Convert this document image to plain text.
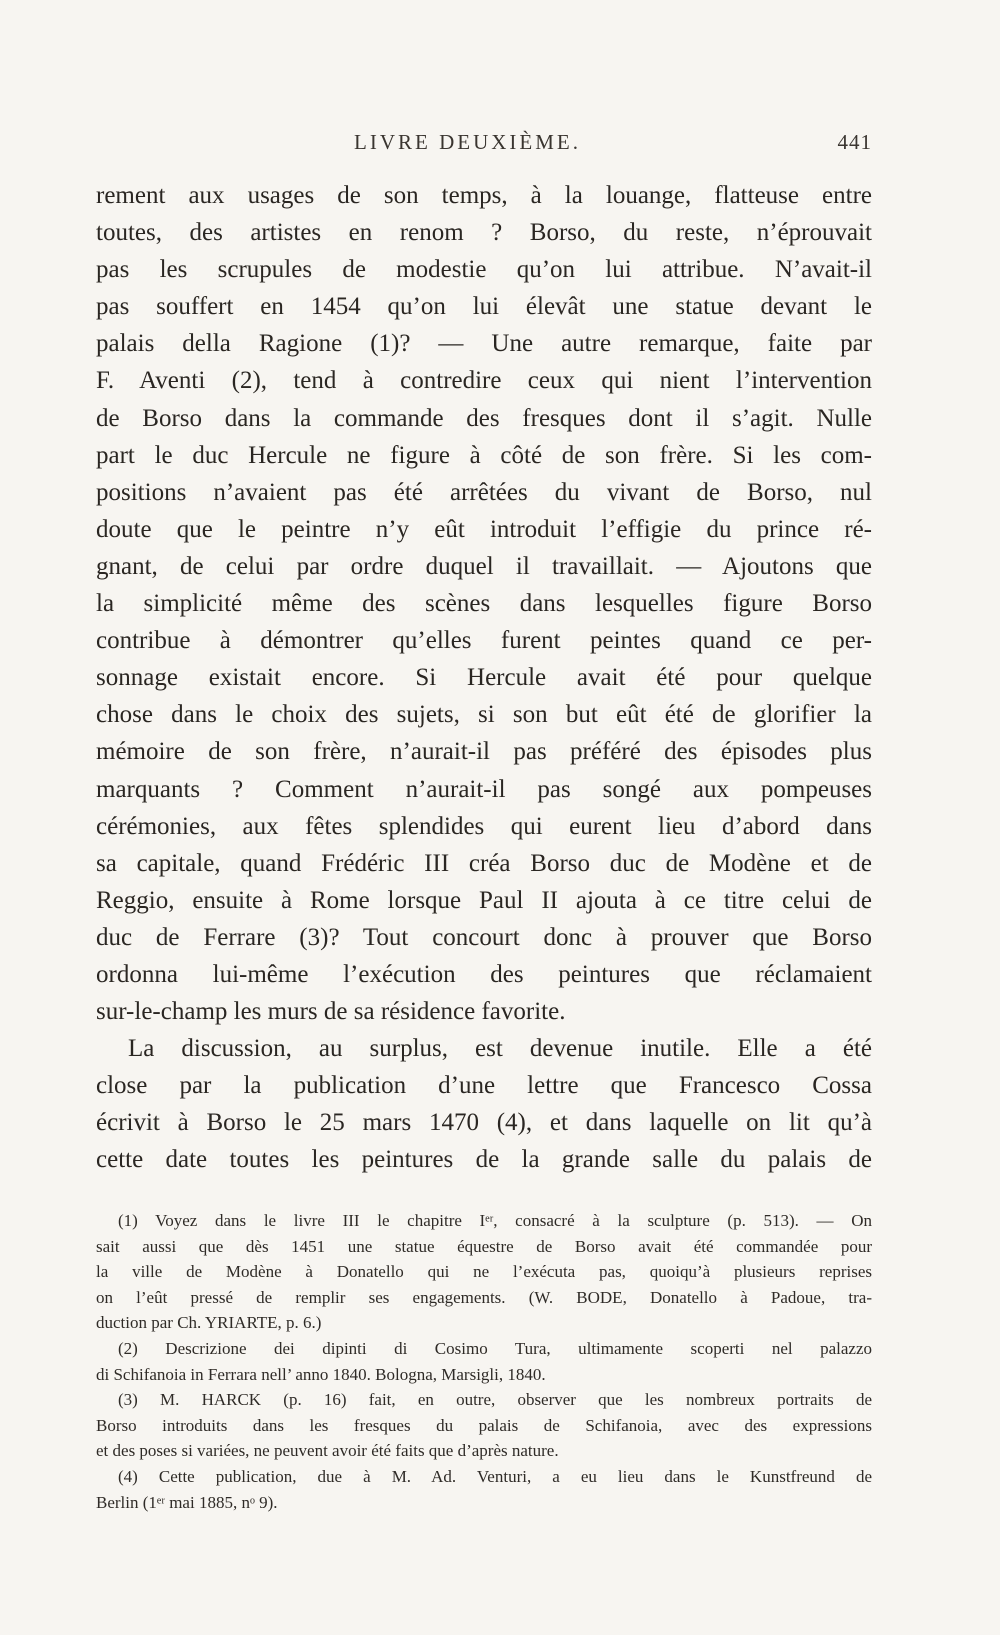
LIVRE DEUXIÈME.	441
rement aux usages de son temps, à la louange, flatteuse entre
toutes, des artistes en renom ? Borso, du reste, n’éprouvait
pas les scrupules de modestie qu’on lui attribue. N’avait-il
pas souffert en 1454 qu’on lui élevât une statue devant le
palais della Ragione (1)? — Une autre remarque, faite par
F. Aventi (2), tend à contredire ceux qui nient l’intervention
de Borso dans la commande des fresques dont il s’agit. Nulle
part le duc Hercule ne figure à côté de son frère. Si les com-
positions n’avaient pas été arrêtées du vivant de Borso, nul
doute que le peintre n’y eût introduit l’effigie du prince ré-
gnant, de celui par ordre duquel il travaillait. — Ajoutons que
la simplicité même des scènes dans lesquelles figure Borso
contribue à démontrer qu’elles furent peintes quand ce per-
sonnage existait encore. Si Hercule avait été pour quelque
chose dans le choix des sujets, si son but eût été de glorifier la
mémoire de son frère, n’aurait-il pas préféré des épisodes plus
marquants ? Comment n’aurait-il pas songé aux pompeuses
cérémonies, aux fêtes splendides qui eurent lieu d’abord dans
sa capitale, quand Frédéric III créa Borso duc de Modène et de
Reggio, ensuite à Rome lorsque Paul II ajouta à ce titre celui de
duc de Ferrare (3)? Tout concourt donc à prouver que Borso
ordonna lui-même l’exécution des peintures que réclamaient
sur-le-champ les murs de sa résidence favorite.
La discussion, au surplus, est devenue inutile. Elle a été
close par la publication d’une lettre que Francesco Cossa
écrivit à Borso le 25 mars 1470 (4), et dans laquelle on lit qu’à
cette date toutes les peintures de la grande salle du palais de
(1) Voyez dans le livre III le chapitre Iᵉʳ, consacré à la sculpture (p. 513). — On
sait aussi que dès 1451 une statue équestre de Borso avait été commandée pour
la ville de Modène à Donatello qui ne l’exécuta pas, quoiqu’à plusieurs reprises
on l’eût pressé de remplir ses engagements. (W. BODE, Donatello à Padoue, tra-
duction par Ch. YRIARTE, p. 6.)
(2) Descrizione dei dipinti di Cosimo Tura, ultimamente scoperti nel palazzo
di Schifanoia in Ferrara nell’ anno 1840. Bologna, Marsigli, 1840.
(3) M. HARCK (p. 16) fait, en outre, observer que les nombreux portraits de
Borso introduits dans les fresques du palais de Schifanoia, avec des expressions
et des poses si variées, ne peuvent avoir été faits que d’après nature.
(4) Cette publication, due à M. Ad. Venturi, a eu lieu dans le Kunstfreund de
Berlin (1ᵉʳ mai 1885, nᵒ 9).
